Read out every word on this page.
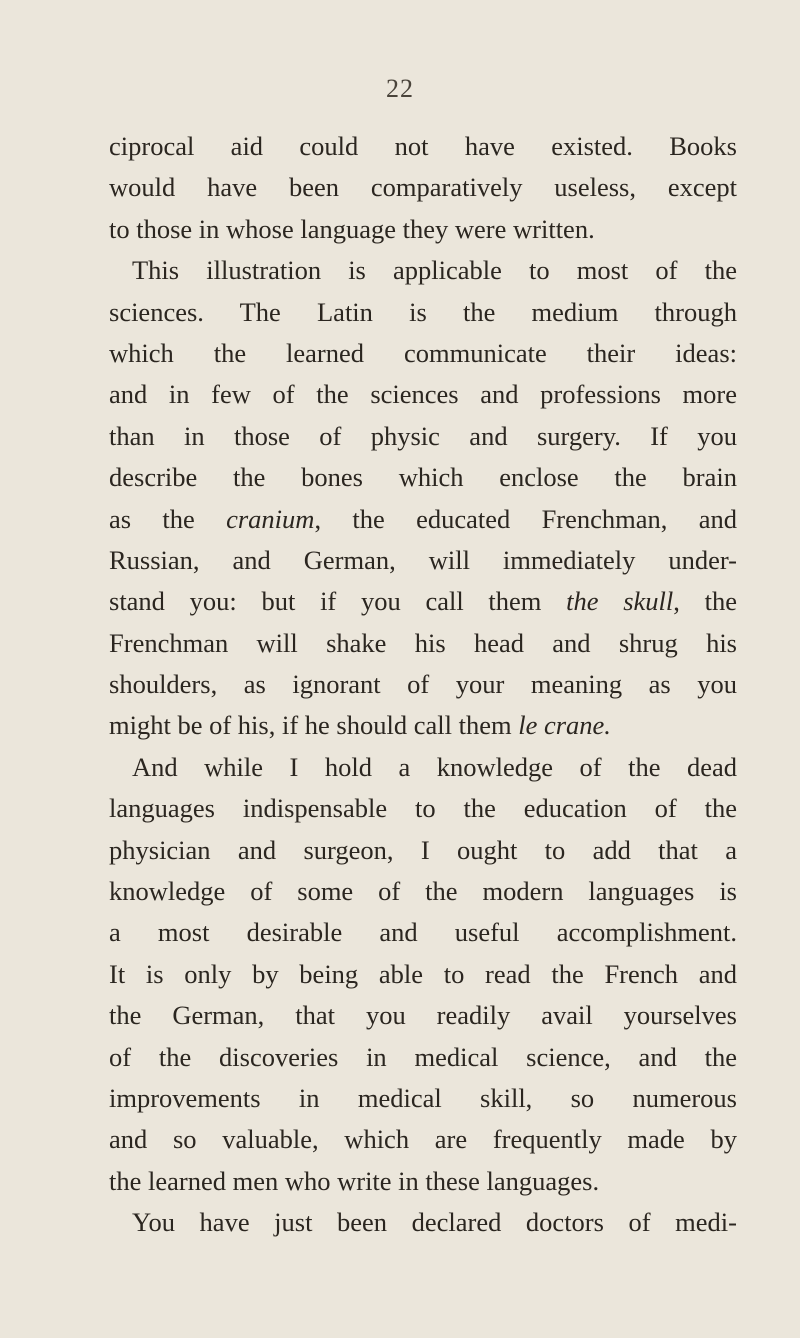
22
ciprocal aid could not have existed. Books
would have been comparatively useless, except
to those in whose language they were written.
This illustration is applicable to most of the
sciences. The Latin is the medium through
which the learned communicate their ideas:
and in few of the sciences and professions more
than in those of physic and surgery. If you
describe the bones which enclose the brain
as the cranium, the educated Frenchman, and
Russian, and German, will immediately under-
stand you: but if you call them the skull, the
Frenchman will shake his head and shrug his
shoulders, as ignorant of your meaning as you
might be of his, if he should call them le crane.
And while I hold a knowledge of the dead
languages indispensable to the education of the
physician and surgeon, I ought to add that a
knowledge of some of the modern languages is
a most desirable and useful accomplishment.
It is only by being able to read the French and
the German, that you readily avail yourselves
of the discoveries in medical science, and the
improvements in medical skill, so numerous
and so valuable, which are frequently made by
the learned men who write in these languages.
You have just been declared doctors of medi-
